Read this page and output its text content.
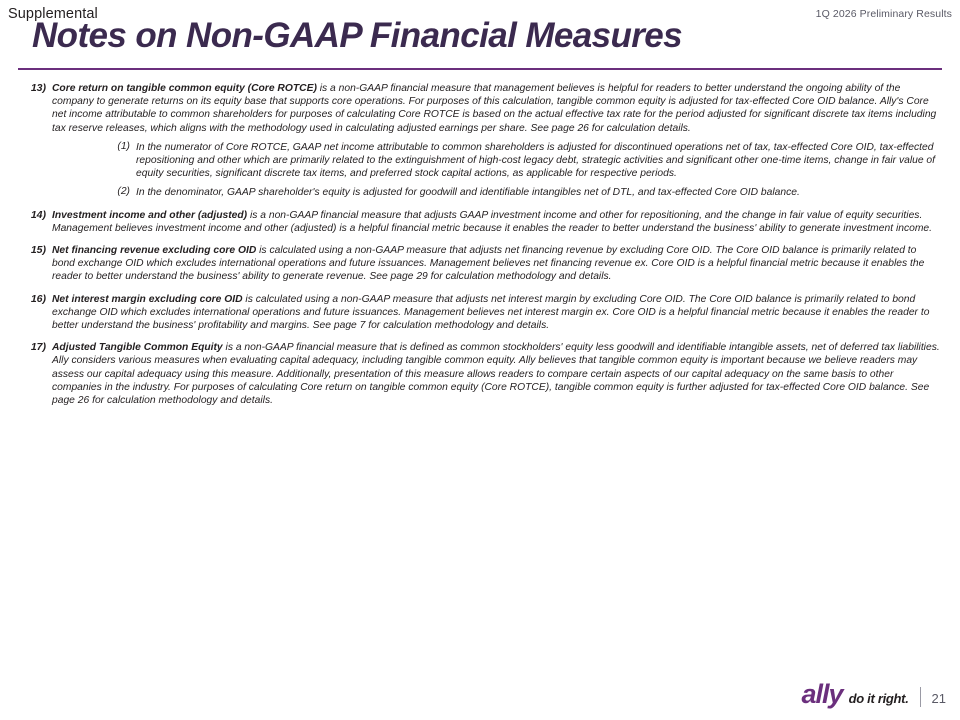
Supplemental	1Q 2026 Preliminary Results
Notes on Non-GAAP Financial Measures
13) Core return on tangible common equity (Core ROTCE) is a non-GAAP financial measure that management believes is helpful for readers to better understand the ongoing ability of the company to generate returns on its equity base that supports core operations. For purposes of this calculation, tangible common equity is adjusted for tax-effected Core OID balance. Ally's Core net income attributable to common shareholders for purposes of calculating Core ROTCE is based on the actual effective tax rate for the period adjusted for significant discrete tax items including tax reserve releases, which aligns with the methodology used in calculating adjusted earnings per share. See page 26 for calculation details.
(1) In the numerator of Core ROTCE, GAAP net income attributable to common shareholders is adjusted for discontinued operations net of tax, tax-effected Core OID, tax-effected repositioning and other which are primarily related to the extinguishment of high-cost legacy debt, strategic activities and significant other one-time items, change in fair value of equity securities, significant discrete tax items, and preferred stock capital actions, as applicable for respective periods.
(2) In the denominator, GAAP shareholder's equity is adjusted for goodwill and identifiable intangibles net of DTL, and tax-effected Core OID balance.
14) Investment income and other (adjusted) is a non-GAAP financial measure that adjusts GAAP investment income and other for repositioning, and the change in fair value of equity securities. Management believes investment income and other (adjusted) is a helpful financial metric because it enables the reader to better understand the business' ability to generate investment income.
15) Net financing revenue excluding core OID is calculated using a non-GAAP measure that adjusts net financing revenue by excluding Core OID. The Core OID balance is primarily related to bond exchange OID which excludes international operations and future issuances. Management believes net financing revenue ex. Core OID is a helpful financial metric because it enables the reader to better understand the business' ability to generate revenue. See page 29 for calculation methodology and details.
16) Net interest margin excluding core OID is calculated using a non-GAAP measure that adjusts net interest margin by excluding Core OID. The Core OID balance is primarily related to bond exchange OID which excludes international operations and future issuances. Management believes net interest margin ex. Core OID is a helpful financial metric because it enables the reader to better understand the business' profitability and margins. See page 7 for calculation methodology and details.
17) Adjusted Tangible Common Equity is a non-GAAP financial measure that is defined as common stockholders' equity less goodwill and identifiable intangible assets, net of deferred tax liabilities. Ally considers various measures when evaluating capital adequacy, including tangible common equity. Ally believes that tangible common equity is important because we believe readers may assess our capital adequacy using this measure. Additionally, presentation of this measure allows readers to compare certain aspects of our capital adequacy on the same basis to other companies in the industry. For purposes of calculating Core return on tangible common equity (Core ROTCE), tangible common equity is further adjusted for tax-effected Core OID balance. See page 26 for calculation methodology and details.
ally do it right. 21
